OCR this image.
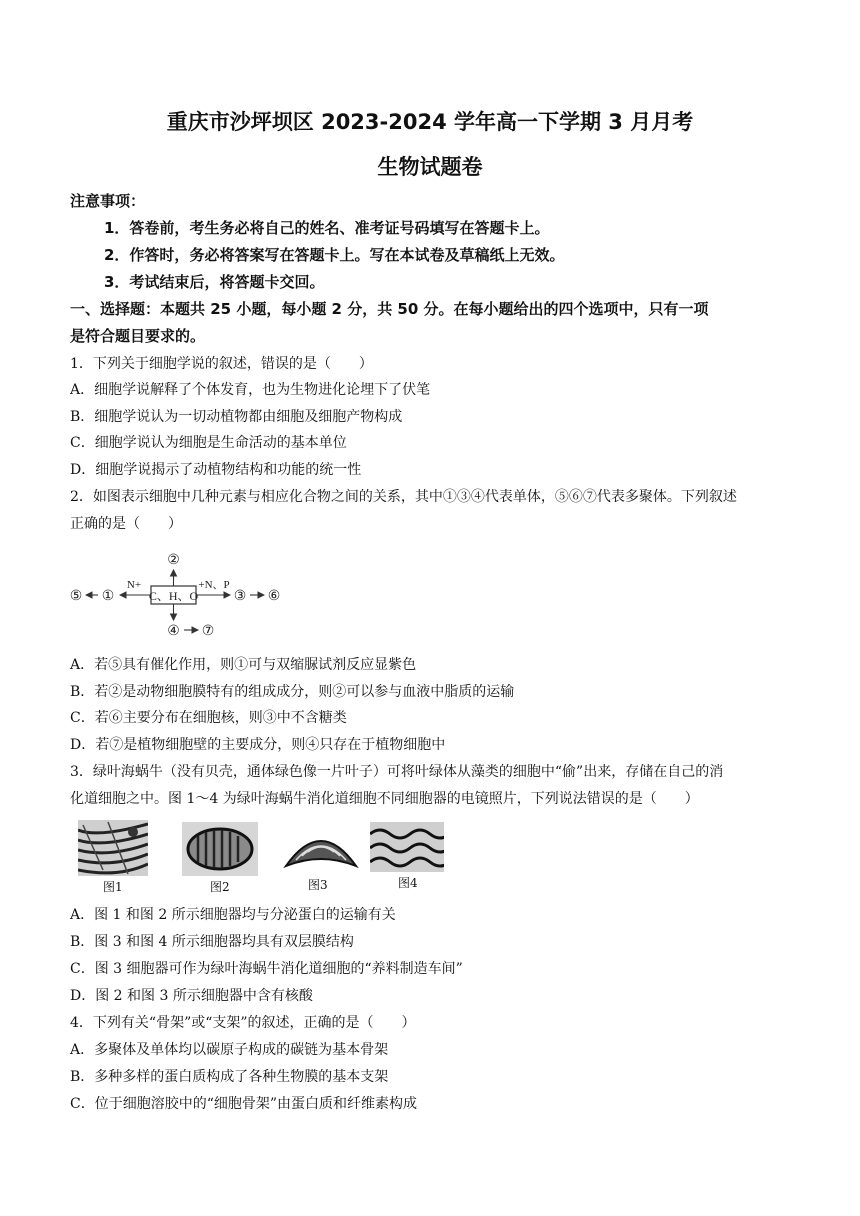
重庆市沙坪坝区 2023-2024 学年高一下学期 3 月月考
生物试题卷
注意事项：
1．答卷前，考生务必将自己的姓名、准考证号码填写在答题卡上。
2．作答时，务必将答案写在答题卡上。写在本试卷及草稿纸上无效。
3．考试结束后，将答题卡交回。
一、选择题：本题共 25 小题，每小题 2 分，共 50 分。在每小题给出的四个选项中，只有一项
是符合题目要求的。
1．下列关于细胞学说的叙述，错误的是（　　）
A．细胞学说解释了个体发育，也为生物进化论埋下了伏笔
B．细胞学说认为一切动植物都由细胞及细胞产物构成
C．细胞学说认为细胞是生命活动的基本单位
D．细胞学说揭示了动植物结构和功能的统一性
2．如图表示细胞中几种元素与相应化合物之间的关系，其中①③④代表单体，⑤⑥⑦代表多聚体。下列叙述
正确的是（　　）
C、H、O
N+
①
⑤
②
+N、P
③ ⑥
④ ⑦
A．若⑤具有催化作用，则①可与双缩脲试剂反应显紫色
B．若②是动物细胞膜特有的组成成分，则②可以参与血液中脂质的运输
C．若⑥主要分布在细胞核，则③中不含糖类
D．若⑦是植物细胞壁的主要成分，则④只存在于植物细胞中
3．绿叶海蜗牛（没有贝壳，通体绿色像一片叶子）可将叶绿体从藻类的细胞中“偷”出来，存储在自己的消
化道细胞之中。图 1～4 为绿叶海蜗牛消化道细胞不同细胞器的电镜照片，下列说法错误的是（　　）
图1	图2	图3	图4
A．图 1 和图 2 所示细胞器均与分泌蛋白的运输有关
B．图 3 和图 4 所示细胞器均具有双层膜结构
C．图 3 细胞器可作为绿叶海蜗牛消化道细胞的“养料制造车间”
D．图 2 和图 3 所示细胞器中含有核酸
4．下列有关“骨架”或“支架”的叙述，正确的是（　　）
A．多聚体及单体均以碳原子构成的碳链为基本骨架
B．多种多样的蛋白质构成了各种生物膜的基本支架
C．位于细胞溶胶中的“细胞骨架”由蛋白质和纤维素构成
